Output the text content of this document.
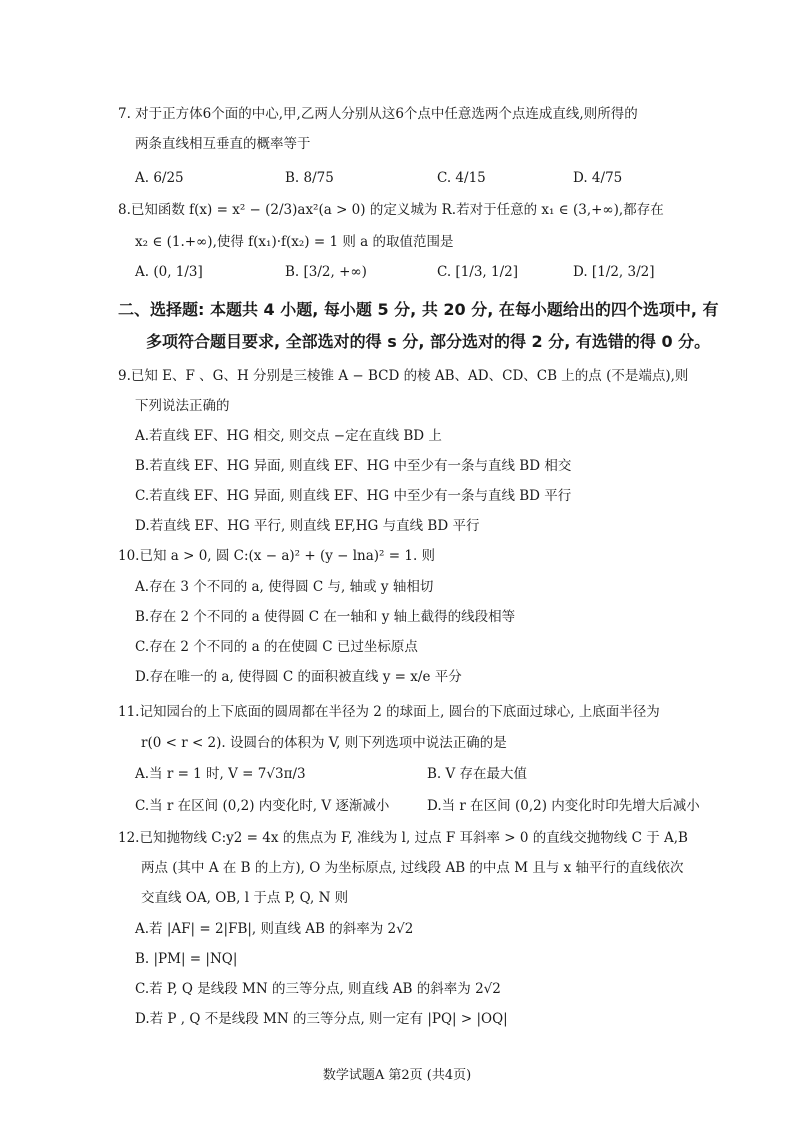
7. 对于正方体6个面的中心,甲,乙两人分别从这6个点中任意选两个点连成直线,则所得的
两条直线相互垂直的概率等于
A. 6/25	B. 8/75	C. 4/15	D. 4/75
8.已知函数 f(x) = x² − (2/3)ax²(a > 0) 的定义城为 R.若对于任意的 x₁ ∈ (3,+∞),都存在
x₂ ∈ (1.+∞),使得 f(x₁)·f(x₂) = 1 则 a 的取值范围是
A. (0, 1/3]	B. [3/2, +∞)	C. [1/3, 1/2]	D. [1/2, 3/2]
二、选择题: 本题共 4 小题, 每小题 5 分, 共 20 分, 在每小题给出的四个选项中, 有
多项符合题目要求, 全部选对的得 s 分, 部分选对的得 2 分, 有选错的得 0 分。
9.已知 E、F 、G、H 分别是三棱锥 A − BCD 的棱 AB、AD、CD、CB 上的点 (不是端点),则
下列说法正确的
A.若直线 EF、HG 相交, 则交点 −定在直线 BD 上
B.若直线 EF、HG 异面, 则直线 EF、HG 中至少有一条与直线 BD 相交
C.若直线 EF、HG 异面, 则直线 EF、HG 中至少有一条与直线 BD 平行
D.若直线 EF、HG 平行, 则直线 EF,HG 与直线 BD 平行
10.已知 a > 0, 圆 C:(x − a)² + (y − lna)² = 1. 则
A.存在 3 个不同的 a, 使得圆 C 与, 轴或 y 轴相切
B.存在 2 个不同的 a 使得圆 C 在一轴和 y 轴上截得的线段相等
C.存在 2 个不同的 a 的在使圆 C 已过坐标原点
D.存在唯一的 a, 使得圆 C 的面积被直线 y = x/e 平分
11.记知园台的上下底面的圆周都在半径为 2 的球面上, 圆台的下底面过球心, 上底面半径为
r(0 < r < 2). 设圆台的体积为 V, 则下列选项中说法正确的是
A.当 r = 1 时, V = 7√3π/3	B. V 存在最大值
C.当 r 在区间 (0,2) 内变化时, V 逐渐减小	D.当 r 在区间 (0,2) 内变化时印先增大后减小
12.已知抛物线 C:y2 = 4x 的焦点为 F, 准线为 l, 过点 F 耳斜率 > 0 的直线交抛物线 C 于 A,B
两点 (其中 A 在 B 的上方), O 为坐标原点, 过线段 AB 的中点 M 且与 x 轴平行的直线依次
交直线 OA, OB, l 于点 P, Q, N 则
A.若 |AF| = 2|FB|, 则直线 AB 的斜率为 2√2
B. |PM| = |NQ|
C.若 P, Q 是线段 MN 的三等分点, 则直线 AB 的斜率为 2√2
D.若 P , Q 不是线段 MN 的三等分点, 则一定有 |PQ| > |OQ|
数学试题A 第2页 (共4页)
